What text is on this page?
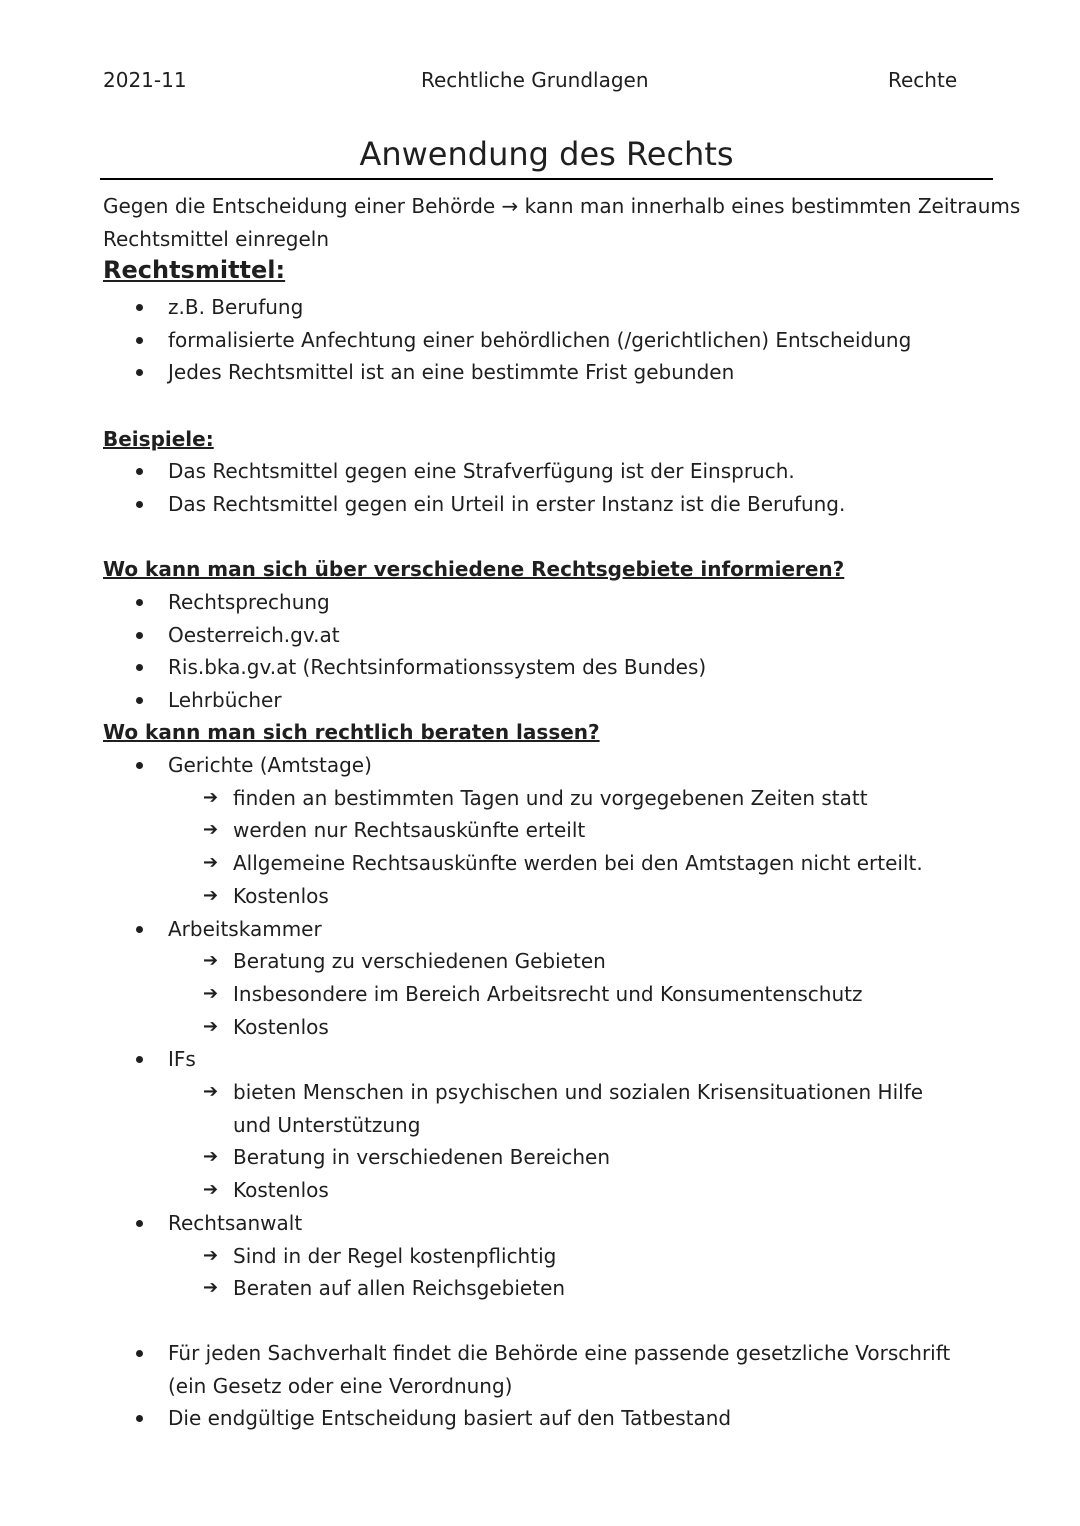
2021-11	Rechtliche Grundlagen	Rechte
Anwendung des Rechts

Gegen die Entscheidung einer Behörde → kann man innerhalb eines bestimmten Zeitraums

Rechtsmittel einregeln

Rechtsmittel:
z.B. Berufung
formalisierte Anfechtung einer behördlichen (/gerichtlichen) Entscheidung
Jedes Rechtsmittel ist an eine bestimmte Frist gebunden
Beispiele:
Das Rechtsmittel gegen eine Strafverfügung ist der Einspruch.
Das Rechtsmittel gegen ein Urteil in erster Instanz ist die Berufung.
Wo kann man sich über verschiedene Rechtsgebiete informieren?
Rechtsprechung
Oesterreich.gv.at
Ris.bka.gv.at (Rechtsinformationssystem des Bundes)
Lehrbücher
Wo kann man sich rechtlich beraten lassen?
Gerichte (Amtstage)
➔ finden an bestimmten Tagen und zu vorgegebenen Zeiten statt
➔ werden nur Rechtsauskünfte erteilt
➔ Allgemeine Rechtsauskünfte werden bei den Amtstagen nicht erteilt.
➔ Kostenlos
Arbeitskammer
➔ Beratung zu verschiedenen Gebieten
➔ Insbesondere im Bereich Arbeitsrecht und Konsumentenschutz
➔ Kostenlos
IFs
➔ bieten Menschen in psychischen und sozialen Krisensituationen Hilfe und Unterstützung
➔ Beratung in verschiedenen Bereichen
➔ Kostenlos
Rechtsanwalt
➔ Sind in der Regel kostenpflichtig
➔ Beraten auf allen Reichsgebieten
Für jeden Sachverhalt findet die Behörde eine passende gesetzliche Vorschrift (ein Gesetz oder eine Verordnung)
Die endgültige Entscheidung basiert auf den Tatbestand
